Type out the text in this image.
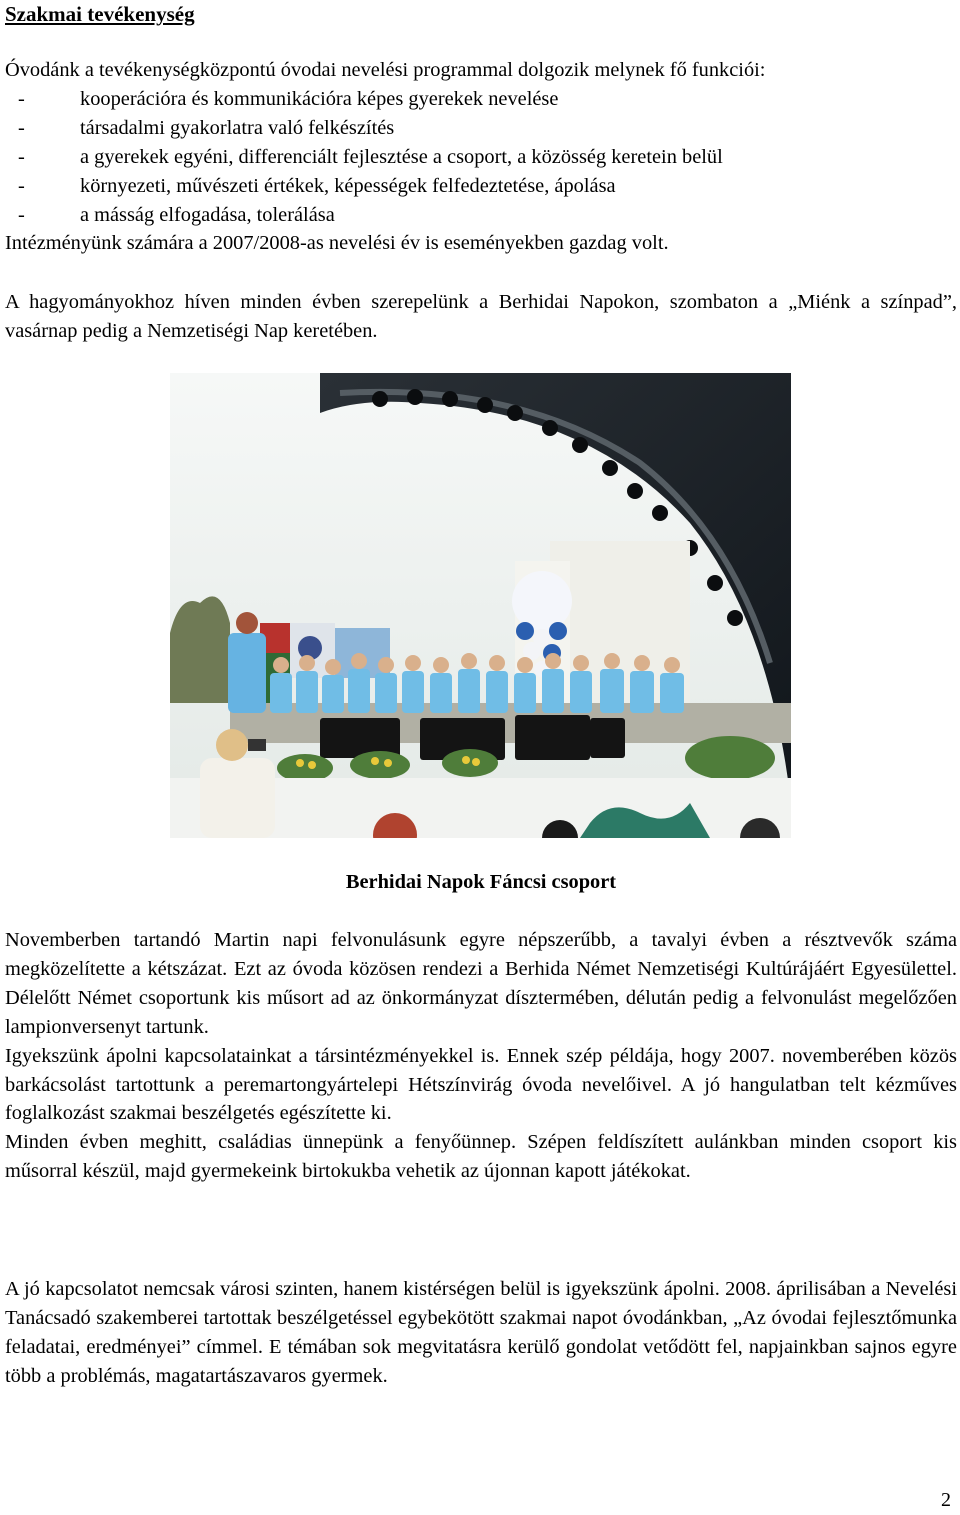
Szakmai tevékenység

Óvodánk a tevékenységközpontú óvodai nevelési programmal dolgozik melynek fő funkciói:

-	kooperációra és kommunikációra képes gyerekek nevelése
-	társadalmi gyakorlatra való felkészítés
-	a gyerekek egyéni, differenciált fejlesztése a csoport, a közösség keretein belül
-	környezeti, művészeti értékek, képességek felfedeztetése, ápolása
-	a másság elfogadása, tolerálása

Intézményünk számára a 2007/2008-as nevelési év is eseményekben gazdag volt.

A hagyományokhoz híven minden évben szerepelünk a Berhidai Napokon, szombaton a „Miénk a színpad”, vasárnap pedig a Nemzetiségi Nap keretében.

Berhidai Napok Fáncsi csoport

Novemberben tartandó Martin napi felvonulásunk egyre népszerűbb, a tavalyi évben a résztvevők száma megközelítette a kétszázat. Ezt az óvoda közösen rendezi a Berhida Német Nemzetiségi Kultúrájáért Egyesülettel. Délelőtt Német csoportunk kis műsort ad az önkormányzat dísztermében, délután pedig a felvonulást megelőzően lampionversenyt tartunk.

Igyekszünk ápolni kapcsolatainkat a társintézményekkel is. Ennek szép példája, hogy 2007. novemberében közös barkácsolást tartottunk a peremartongyártelepi Hétszínvirág óvoda nevelőivel. A jó hangulatban telt kézműves foglalkozást szakmai beszélgetés egészítette ki.

Minden évben meghitt, családias ünnepünk a fenyőünnep. Szépen feldíszített aulánkban minden csoport kis műsorral készül, majd gyermekeink birtokukba vehetik az újonnan kapott játékokat.

A jó kapcsolatot nemcsak városi szinten, hanem kistérségen belül is igyekszünk ápolni. 2008. áprilisában a Nevelési Tanácsadó szakemberei tartottak beszélgetéssel egybekötött szakmai napot óvodánkban, „Az óvodai fejlesztőmunka feladatai, eredményei” címmel. E témában sok megvitatásra kerülő gondolat vetődött fel, napjainkban sajnos egyre több a problémás, magatartászavaros gyermek.

2
